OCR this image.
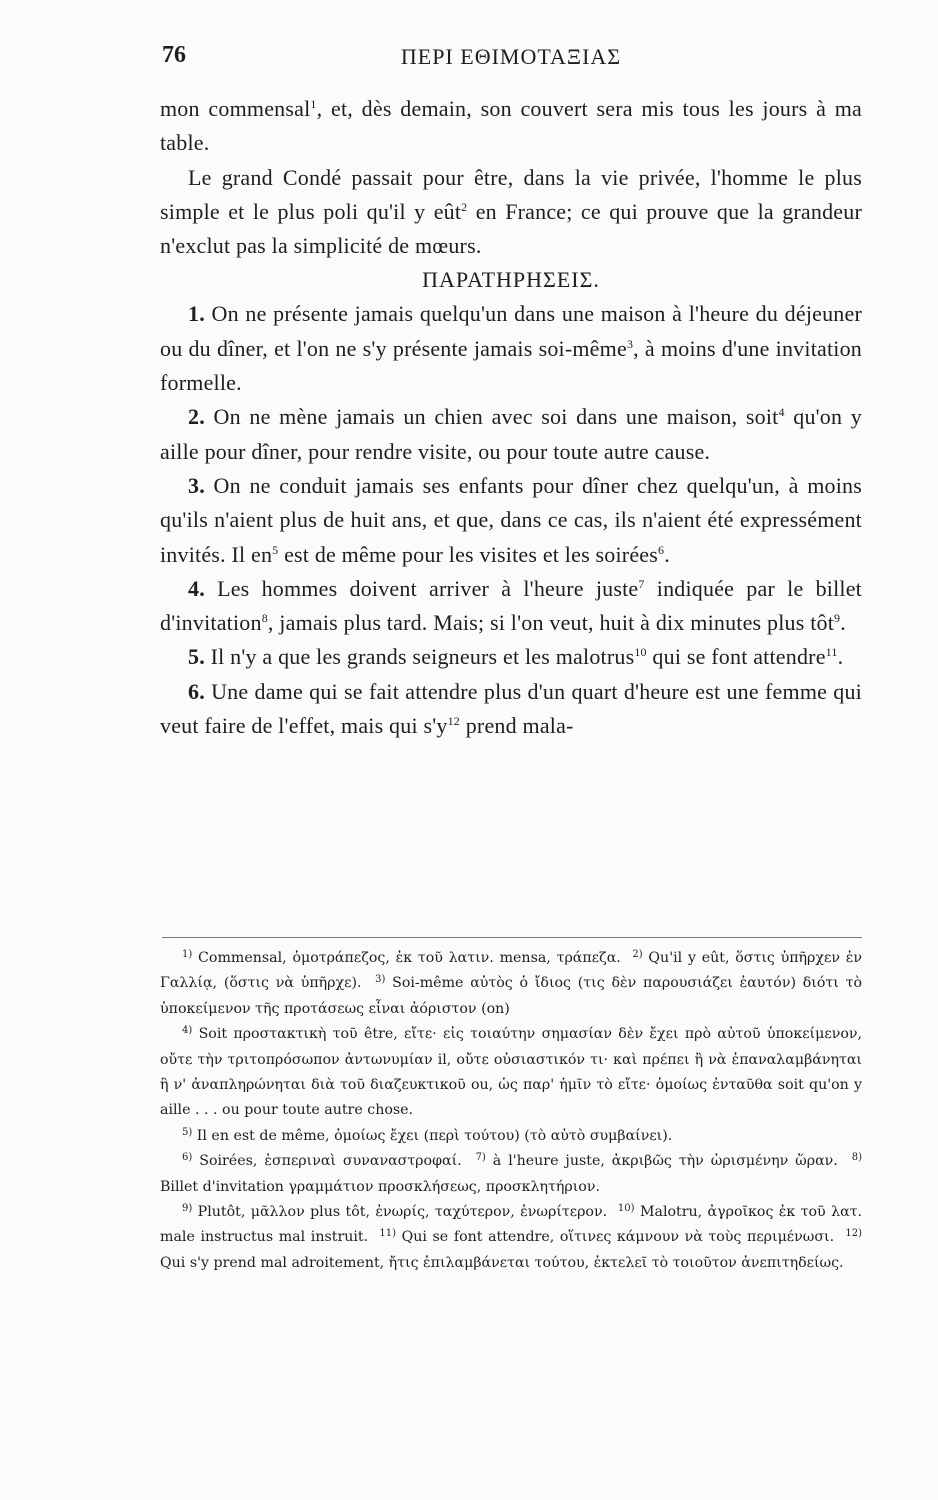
76	ΠΕΡΙ ΕΘΙΜΟΤΑΞΙΑΣ

mon commensal$^1$, et, dès demain, son couvert sera mis tous les jours à ma table.

Le grand Condé passait pour être, dans la vie privée, l'homme le plus simple et le plus poli qu'il y eût$^2$ en France; ce qui prouve que la grandeur n'exclut pas la simplicité de mœurs.

ΠΑΡΑΤΗΡΗΣΕΙΣ.

1. On ne présente jamais quelqu'un dans une maison à l'heure du déjeuner ou du dîner, et l'on ne s'y présente jamais soi-même$^3$, à moins d'une invitation formelle.

2. On ne mène jamais un chien avec soi dans une maison, soit$^4$ qu'on y aille pour dîner, pour rendre visite, ou pour toute autre cause.

3. On ne conduit jamais ses enfants pour dîner chez quelqu'un, à moins qu'ils n'aient plus de huit ans, et que, dans ce cas, ils n'aient été expressément invités. Il $en^5$ est de même pour les visites et les soirées$^6$.

4. Les hommes doivent arriver à l'heure juste$^7$ indiquée par le billet d'invitation$^8$, jamais plus tard. Mais; si l'on veut, huit à dix minutes plus tôt$^9$.

5. Il n'y a que les grands seigneurs et les malotrus$^{10}$ qui se font attendre$^{11}$.

6. Une dame qui se fait attendre plus d'un quart d'heure est une femme qui veut faire de l'effet, mais qui $s'y^{12}$ prend mala-

$^{1)}$ Commensal, ὁμοτράπεζος, ἐκ τοῦ λατιν. mensa, τράπεζα. $^{2)}$ Qu'il y eût, ὅστις ὑπῆρχεν ἐν Γαλλίᾳ, (ὅστις νὰ ὑπῆρχε). $^{3)}$ Soi-même αὐτὸς ὁ ἴδιος (τις δὲν παρουσιάζει ἑαυτόν) διότι τὸ ὑποκείμενον τῆς προτάσεως εἶναι ἀόριστον (on)

$^{4)}$ Soit προστακτικὴ τοῦ être, εἴτε· εἰς τοιαύτην σημασίαν δὲν ἔχει πρὸ αὐτοῦ ὑποκείμενον, οὔτε τὴν τριτοπρόσωπον ἀντωνυμίαν il, οὔτε οὐσιαστικόν τι· καὶ πρέπει ἢ νὰ ἐπαναλαμβάνηται ἢ ν' ἀναπληρώνηται διὰ τοῦ διαζευκτικοῦ ou, ὡς παρ' ἡμῖν τὸ εἴτε· ὁμοίως ἐνταῦθα soit qu'on y aille . . . ou pour toute autre chose.

$^{5)}$ Il en est de même, ὁμοίως ἔχει (περὶ τούτου) (τὸ αὐτὸ συμβαίνει).

$^{6)}$ Soirées, ἑσπεριναὶ συναναστροφαί. $^{7)}$ à l'heure juste, ἀκριβῶς τὴν ὡρισμένην ὥραν. $^{8)}$ Billet d'invitation γραμμάτιον προσκλήσεως, προσκλητήριον.

$^{9)}$ Plutôt, μᾶλλον plus tôt, ἐνωρίς, ταχύτερον, ἐνωρίτερον. $^{10)}$ Malotru, ἀγροῖκος ἐκ τοῦ λατ. male instructus mal instruit. $^{11)}$ Qui se font attendre, οἵτινες κάμνουν νὰ τοὺς περιμένωσι. $^{12)}$ Qui s'y prend mal adroitement, ἤτις ἐπιλαμβάνεται τούτου, ἐκτελεῖ τὸ τοιοῦτον ἀνεπιτηδείως.
